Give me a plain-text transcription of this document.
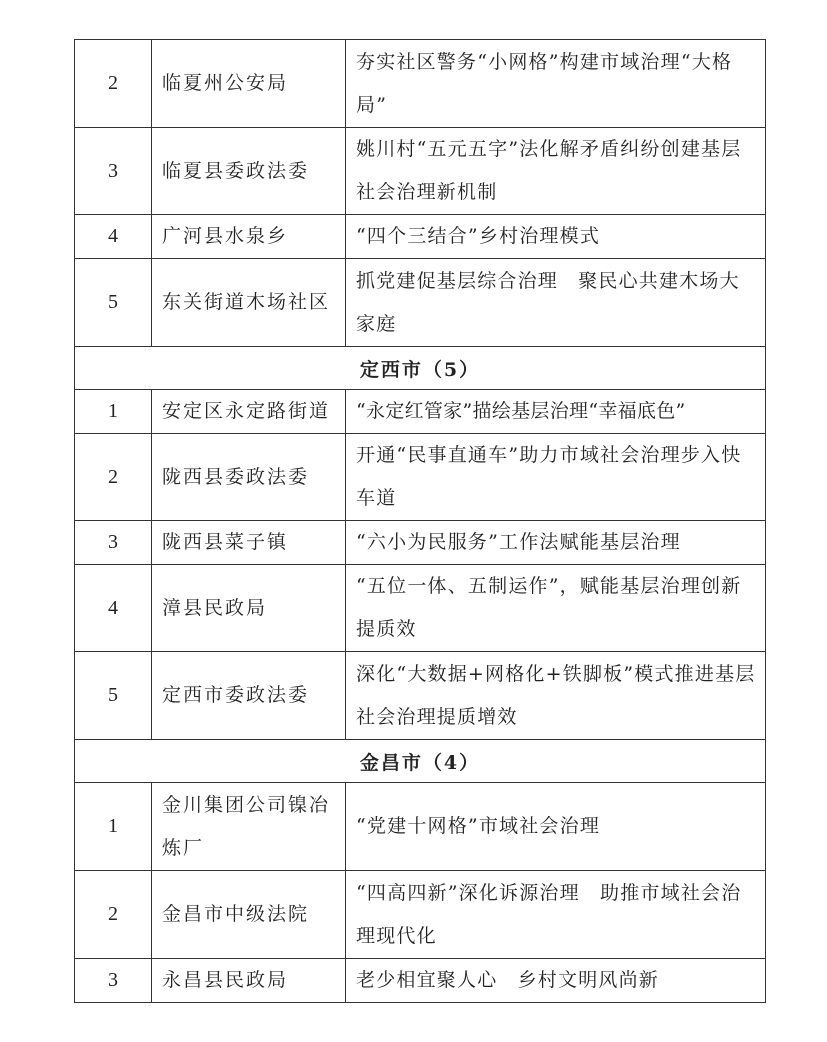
2	临夏州公安局	夯实社区警务“小网格”构建市域治理“大格局”
3	临夏县委政法委	姚川村“五元五字”法化解矛盾纠纷创建基层社会治理新机制
4	广河县水泉乡	“四个三结合”乡村治理模式
5	东关街道木场社区	抓党建促基层综合治理　聚民心共建木场大家庭
定西市（5）		
1	安定区永定路街道	“永定红管家”描绘基层治理“幸福底色”
2	陇西县委政法委	开通“民事直通车”助力市域社会治理步入快车道
3	陇西县菜子镇	“六小为民服务”工作法赋能基层治理
4	漳县民政局	“五位一体、五制运作”，赋能基层治理创新提质效
5	定西市委政法委	深化“大数据+网格化+铁脚板”模式推进基层社会治理提质增效
金昌市（4）		
1	金川集团公司镍冶炼厂	“党建十网格”市域社会治理
2	金昌市中级法院	“四高四新”深化诉源治理　助推市域社会治理现代化
3	永昌县民政局	老少相宜聚人心　乡村文明风尚新
